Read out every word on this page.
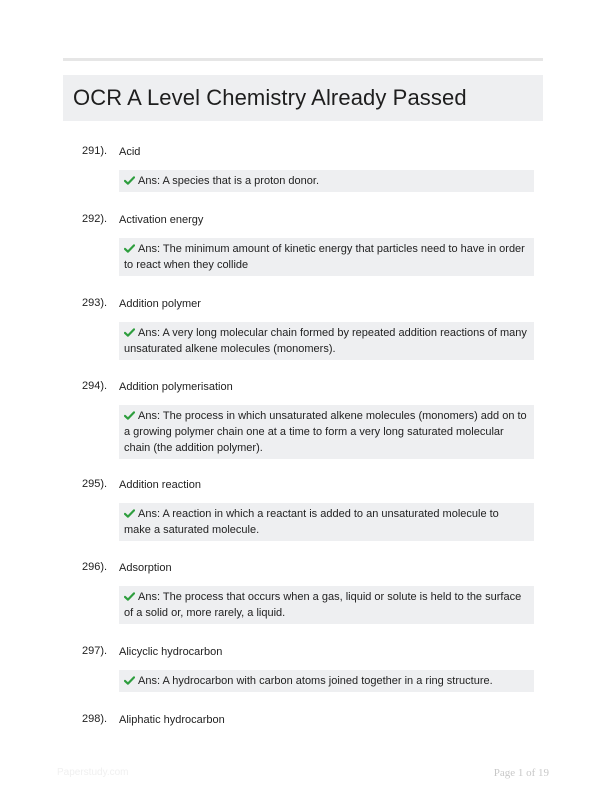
OCR A Level Chemistry Already Passed
291). Acid
Ans: A species that is a proton donor.
292). Activation energy
Ans: The minimum amount of kinetic energy that particles need to have in order to react when they collide
293). Addition polymer
Ans: A very long molecular chain formed by repeated addition reactions of many unsaturated alkene molecules (monomers).
294). Addition polymerisation
Ans: The process in which unsaturated alkene molecules (monomers) add on to a growing polymer chain one at a time to form a very long saturated molecular chain (the addition polymer).
295). Addition reaction
Ans: A reaction in which a reactant is added to an unsaturated molecule to make a saturated molecule.
296). Adsorption
Ans: The process that occurs when a gas, liquid or solute is held to the surface of a solid or, more rarely, a liquid.
297). Alicyclic hydrocarbon
Ans: A hydrocarbon with carbon atoms joined together in a ring structure.
298). Aliphatic hydrocarbon
Paperstudy.com	Page 1 of 19
